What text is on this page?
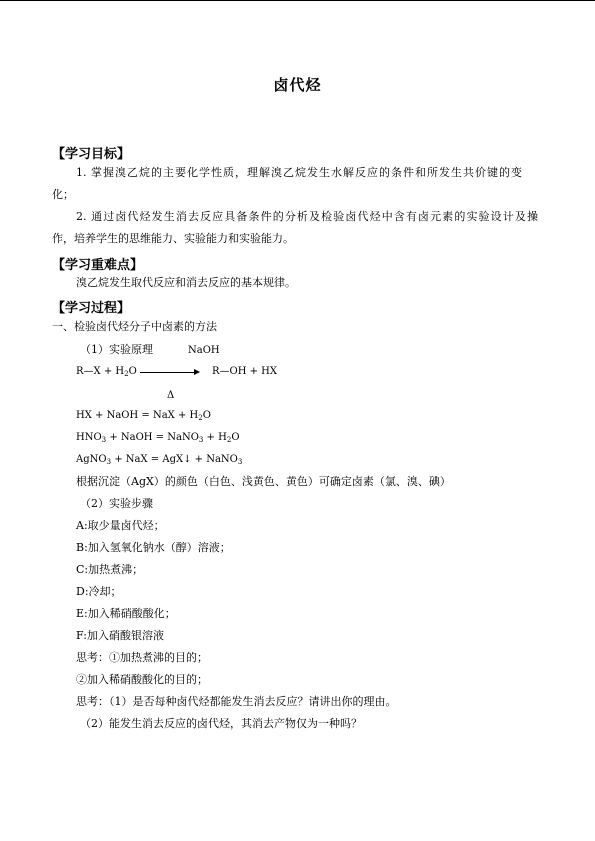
卤代烃
【学习目标】
1. 掌握溴乙烷的主要化学性质，理解溴乙烷发生水解反应的条件和所发生共价键的变
化；
2. 通过卤代烃发生消去反应具备条件的分析及检验卤代烃中含有卤元素的实验设计及操
作，培养学生的思维能力、实验能力和实验能力。
【学习重难点】
溴乙烷发生取代反应和消去反应的基本规律。
【学习过程】
一、检验卤代烃分子中卤素的方法
（1）实验原理	NaOH
R—X + $H_2O$	R—OH + HX
Δ
HX + NaOH = NaX + $H_2O$
$HNO_3$ + NaOH = NaNO$_3$ + $H_2O$
AgNO$_3$ + NaX = AgX↓ + NaNO$_3$
根据沉淀（AgX）的颜色（白色、浅黄色、黄色）可确定卤素（氯、溴、碘）
（2）实验步骤
A:取少量卤代烃；
B:加入氢氧化钠水（醇）溶液；
C:加热煮沸；
D:冷却；
E:加入稀硝酸酸化；
F:加入硝酸银溶液
思考：①加热煮沸的目的；
②加入稀硝酸酸化的目的；
思考：（1）是否每种卤代烃都能发生消去反应？请讲出你的理由。
（2）能发生消去反应的卤代烃，其消去产物仅为一种吗？
